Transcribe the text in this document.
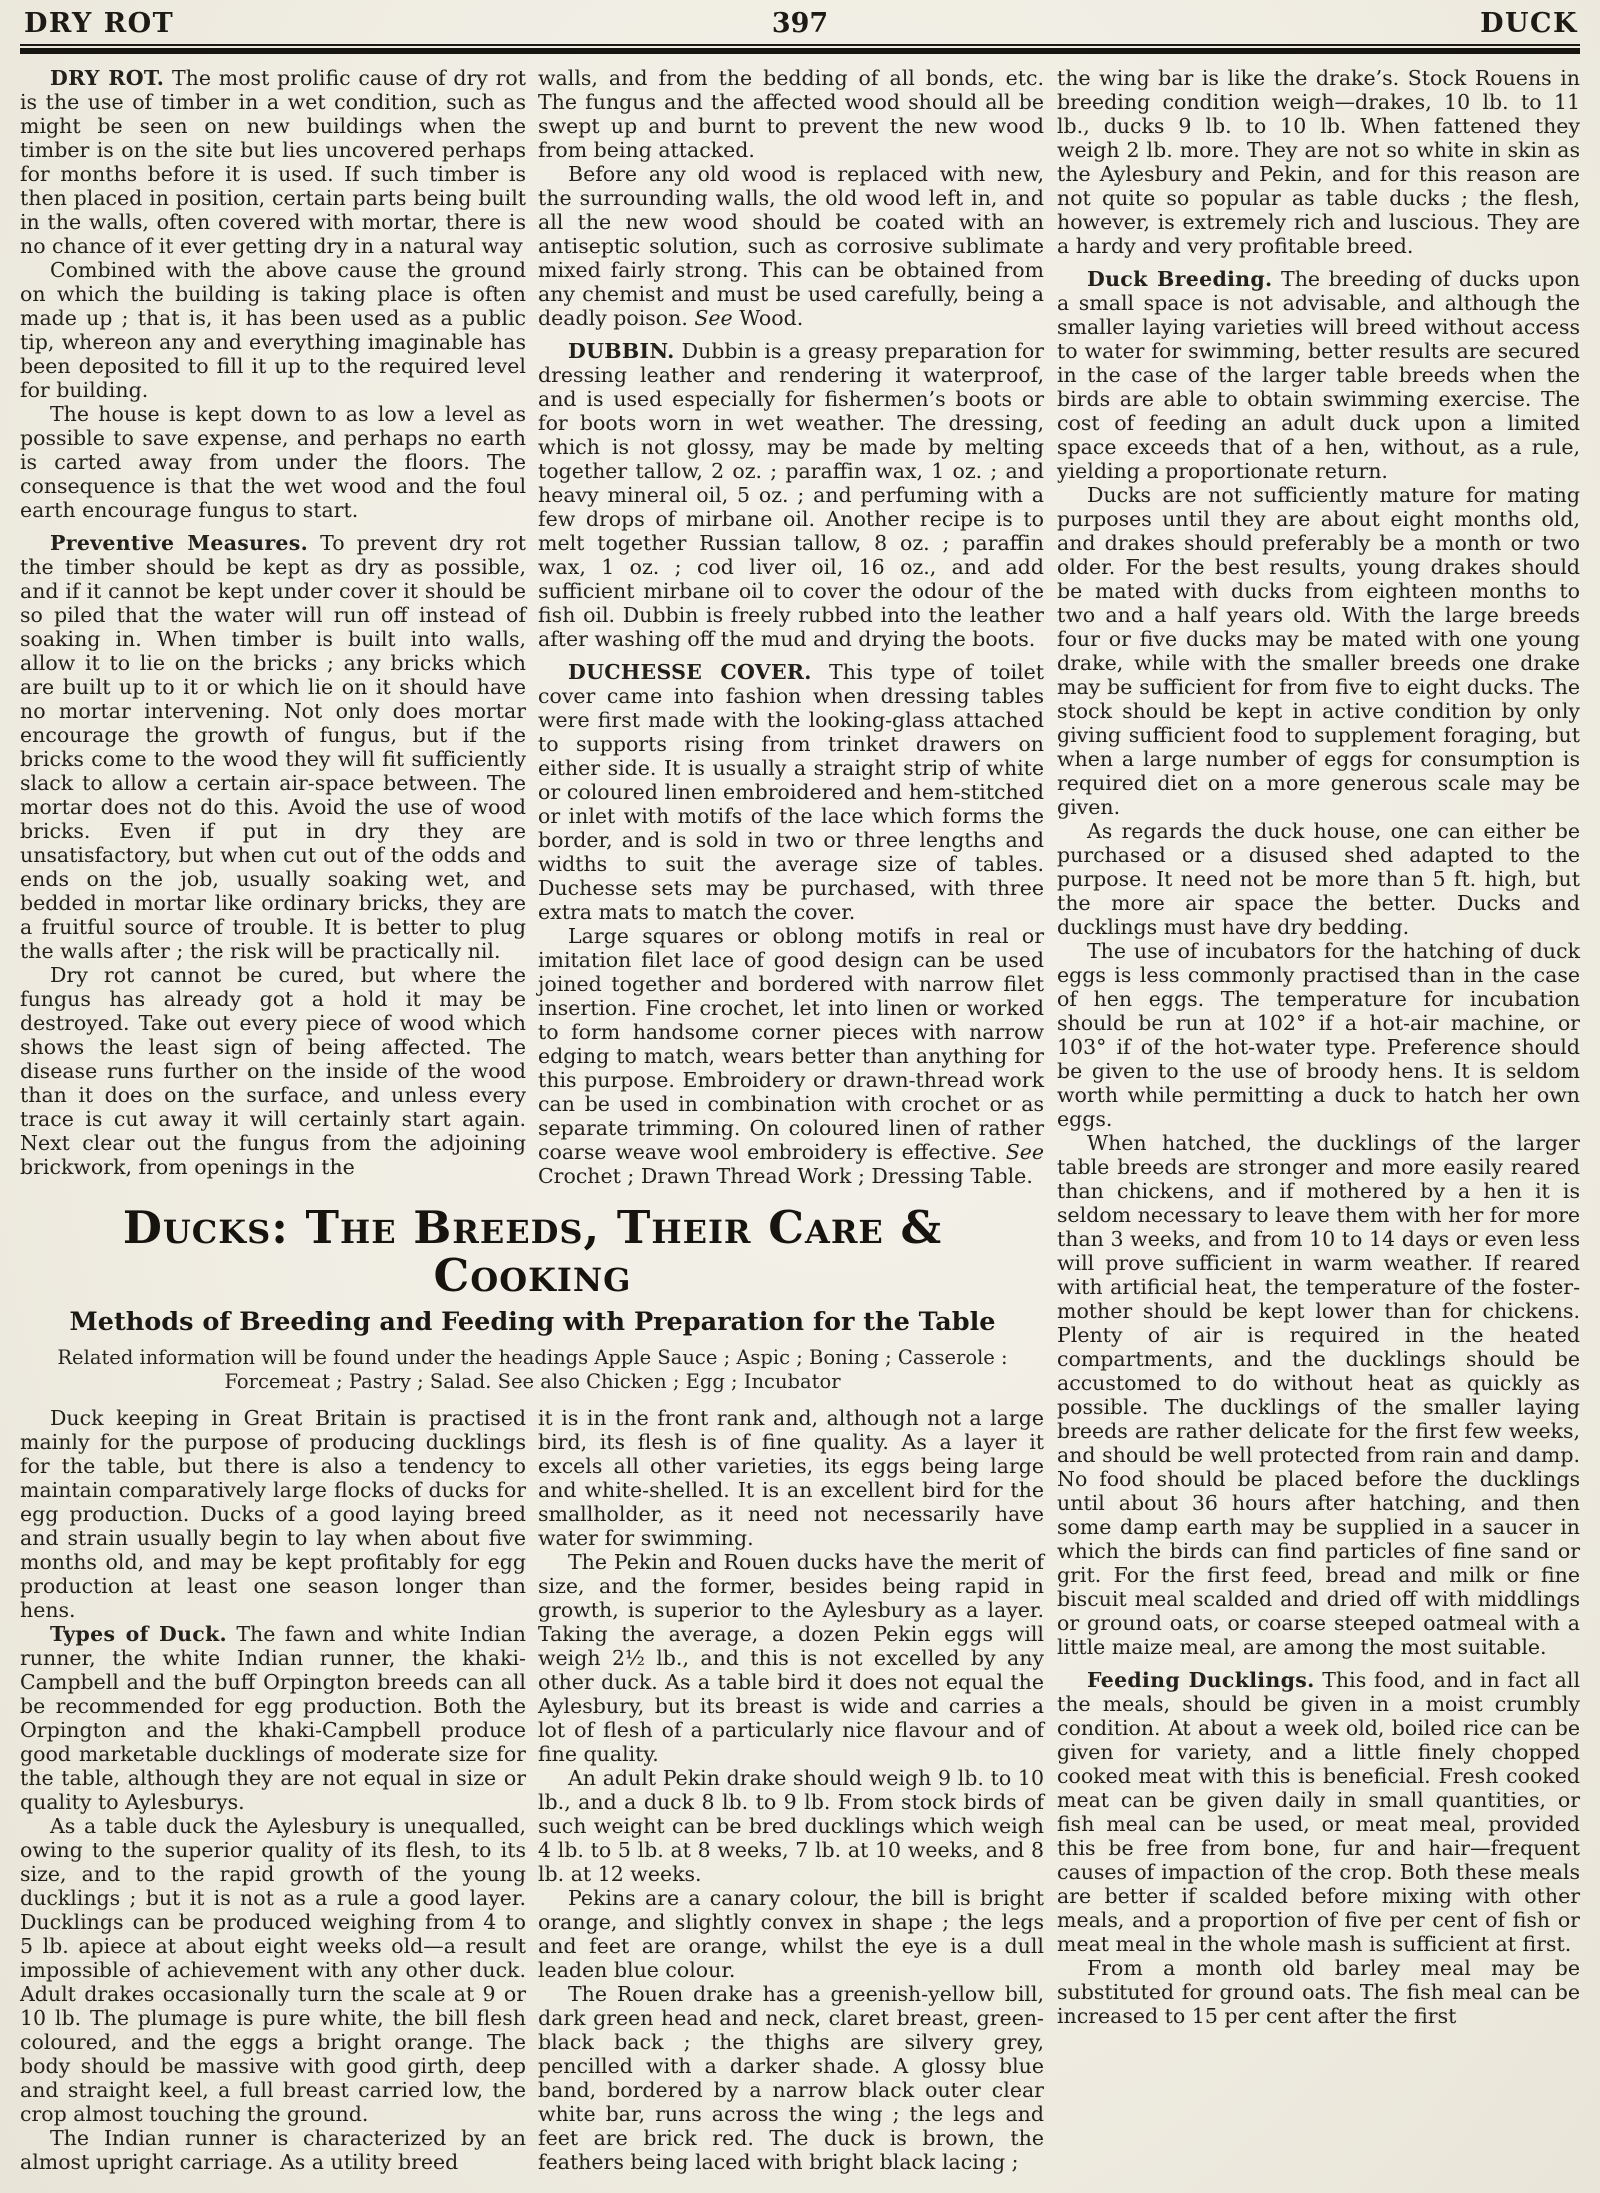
DRY ROT	397	DUCK

DRY ROT. The most prolific cause of dry rot is the use of timber in a wet condition, such as might be seen on new buildings when the timber is on the site but lies uncovered perhaps for months before it is used. If such timber is then placed in position, certain parts being built in the walls, often covered with mortar, there is no chance of it ever getting dry in a natural way

Combined with the above cause the ground on which the building is taking place is often made up ; that is, it has been used as a public tip, whereon any and everything imaginable has been deposited to fill it up to the required level for building.

The house is kept down to as low a level as possible to save expense, and perhaps no earth is carted away from under the floors. The consequence is that the wet wood and the foul earth encourage fungus to start.

Preventive Measures. To prevent dry rot the timber should be kept as dry as possible, and if it cannot be kept under cover it should be so piled that the water will run off instead of soaking in. When timber is built into walls, allow it to lie on the bricks ; any bricks which are built up to it or which lie on it should have no mortar intervening. Not only does mortar encourage the growth of fungus, but if the bricks come to the wood they will fit sufficiently slack to allow a certain air-space between. The mortar does not do this. Avoid the use of wood bricks. Even if put in dry they are unsatisfactory, but when cut out of the odds and ends on the job, usually soaking wet, and bedded in mortar like ordinary bricks, they are a fruitful source of trouble. It is better to plug the walls after ; the risk will be practically nil.

Dry rot cannot be cured, but where the fungus has already got a hold it may be destroyed. Take out every piece of wood which shows the least sign of being affected. The disease runs further on the inside of the wood than it does on the surface, and unless every trace is cut away it will certainly start again. Next clear out the fungus from the adjoining brickwork, from openings in the

walls, and from the bedding of all bonds, etc. The fungus and the affected wood should all be swept up and burnt to prevent the new wood from being attacked.

Before any old wood is replaced with new, the surrounding walls, the old wood left in, and all the new wood should be coated with an antiseptic solution, such as corrosive sublimate mixed fairly strong. This can be obtained from any chemist and must be used carefully, being a deadly poison. See Wood.

DUBBIN. Dubbin is a greasy preparation for dressing leather and rendering it waterproof, and is used especially for fishermen’s boots or for boots worn in wet weather. The dressing, which is not glossy, may be made by melting together tallow, 2 oz. ; paraffin wax, 1 oz. ; and heavy mineral oil, 5 oz. ; and perfuming with a few drops of mirbane oil. Another recipe is to melt together Russian tallow, 8 oz. ; paraffin wax, 1 oz. ; cod liver oil, 16 oz., and add sufficient mirbane oil to cover the odour of the fish oil. Dubbin is freely rubbed into the leather after washing off the mud and drying the boots.

DUCHESSE COVER. This type of toilet cover came into fashion when dressing tables were first made with the looking-glass attached to supports rising from trinket drawers on either side. It is usually a straight strip of white or coloured linen embroidered and hem-stitched or inlet with motifs of the lace which forms the border, and is sold in two or three lengths and widths to suit the average size of tables. Duchesse sets may be purchased, with three extra mats to match the cover.

Large squares or oblong motifs in real or imitation filet lace of good design can be used joined together and bordered with narrow filet insertion. Fine crochet, let into linen or worked to form handsome corner pieces with narrow edging to match, wears better than anything for this purpose. Embroidery or drawn-thread work can be used in combination with crochet or as separate trimming. On coloured linen of rather coarse weave wool embroidery is effective. See Crochet ; Drawn Thread Work ; Dressing Table.

Ducks: The Breeds, Their Care & Cooking
Methods of Breeding and Feeding with Preparation for the Table
Related information will be found under the headings Apple Sauce ; Aspic ; Boning ; Casserole :
Forcemeat ; Pastry ; Salad. See also Chicken ; Egg ; Incubator

Duck keeping in Great Britain is practised mainly for the purpose of producing ducklings for the table, but there is also a tendency to maintain comparatively large flocks of ducks for egg production. Ducks of a good laying breed and strain usually begin to lay when about five months old, and may be kept profitably for egg production at least one season longer than hens.

Types of Duck. The fawn and white Indian runner, the white Indian runner, the khaki-Campbell and the buff Orpington breeds can all be recommended for egg production. Both the Orpington and the khaki-Campbell produce good marketable ducklings of moderate size for the table, although they are not equal in size or quality to Aylesburys.

As a table duck the Aylesbury is unequalled, owing to the superior quality of its flesh, to its size, and to the rapid growth of the young ducklings ; but it is not as a rule a good layer. Ducklings can be produced weighing from 4 to 5 lb. apiece at about eight weeks old—a result impossible of achievement with any other duck. Adult drakes occasionally turn the scale at 9 or 10 lb. The plumage is pure white, the bill flesh coloured, and the eggs a bright orange. The body should be massive with good girth, deep and straight keel, a full breast carried low, the crop almost touching the ground.

The Indian runner is characterized by an almost upright carriage. As a utility breed

it is in the front rank and, although not a large bird, its flesh is of fine quality. As a layer it excels all other varieties, its eggs being large and white-shelled. It is an excellent bird for the smallholder, as it need not necessarily have water for swimming.

The Pekin and Rouen ducks have the merit of size, and the former, besides being rapid in growth, is superior to the Aylesbury as a layer. Taking the average, a dozen Pekin eggs will weigh 2½ lb., and this is not excelled by any other duck. As a table bird it does not equal the Aylesbury, but its breast is wide and carries a lot of flesh of a particularly nice flavour and of fine quality.

An adult Pekin drake should weigh 9 lb. to 10 lb., and a duck 8 lb. to 9 lb. From stock birds of such weight can be bred ducklings which weigh 4 lb. to 5 lb. at 8 weeks, 7 lb. at 10 weeks, and 8 lb. at 12 weeks.

Pekins are a canary colour, the bill is bright orange, and slightly convex in shape ; the legs and feet are orange, whilst the eye is a dull leaden blue colour.

The Rouen drake has a greenish-yellow bill, dark green head and neck, claret breast, green-black back ; the thighs are silvery grey, pencilled with a darker shade. A glossy blue band, bordered by a narrow black outer clear white bar, runs across the wing ; the legs and feet are brick red. The duck is brown, the feathers being laced with bright black lacing ;

the wing bar is like the drake’s. Stock Rouens in breeding condition weigh—drakes, 10 lb. to 11 lb., ducks 9 lb. to 10 lb. When fattened they weigh 2 lb. more. They are not so white in skin as the Aylesbury and Pekin, and for this reason are not quite so popular as table ducks ; the flesh, however, is extremely rich and luscious. They are a hardy and very profitable breed.

Duck Breeding. The breeding of ducks upon a small space is not advisable, and although the smaller laying varieties will breed without access to water for swimming, better results are secured in the case of the larger table breeds when the birds are able to obtain swimming exercise. The cost of feeding an adult duck upon a limited space exceeds that of a hen, without, as a rule, yielding a proportionate return.

Ducks are not sufficiently mature for mating purposes until they are about eight months old, and drakes should preferably be a month or two older. For the best results, young drakes should be mated with ducks from eighteen months to two and a half years old. With the large breeds four or five ducks may be mated with one young drake, while with the smaller breeds one drake may be sufficient for from five to eight ducks. The stock should be kept in active condition by only giving sufficient food to supplement foraging, but when a large number of eggs for consumption is required diet on a more generous scale may be given.

As regards the duck house, one can either be purchased or a disused shed adapted to the purpose. It need not be more than 5 ft. high, but the more air space the better. Ducks and ducklings must have dry bedding.

The use of incubators for the hatching of duck eggs is less commonly practised than in the case of hen eggs. The temperature for incubation should be run at 102° if a hot-air machine, or 103° if of the hot-water type. Preference should be given to the use of broody hens. It is seldom worth while permitting a duck to hatch her own eggs.

When hatched, the ducklings of the larger table breeds are stronger and more easily reared than chickens, and if mothered by a hen it is seldom necessary to leave them with her for more than 3 weeks, and from 10 to 14 days or even less will prove sufficient in warm weather. If reared with artificial heat, the temperature of the foster-mother should be kept lower than for chickens. Plenty of air is required in the heated compartments, and the ducklings should be accustomed to do without heat as quickly as possible. The ducklings of the smaller laying breeds are rather delicate for the first few weeks, and should be well protected from rain and damp. No food should be placed before the ducklings until about 36 hours after hatching, and then some damp earth may be supplied in a saucer in which the birds can find particles of fine sand or grit. For the first feed, bread and milk or fine biscuit meal scalded and dried off with middlings or ground oats, or coarse steeped oatmeal with a little maize meal, are among the most suitable.

Feeding Ducklings. This food, and in fact all the meals, should be given in a moist crumbly condition. At about a week old, boiled rice can be given for variety, and a little finely chopped cooked meat with this is beneficial. Fresh cooked meat can be given daily in small quantities, or fish meal can be used, or meat meal, provided this be free from bone, fur and hair—frequent causes of impaction of the crop. Both these meals are better if scalded before mixing with other meals, and a proportion of five per cent of fish or meat meal in the whole mash is sufficient at first.

From a month old barley meal may be substituted for ground oats. The fish meal can be increased to 15 per cent after the first
